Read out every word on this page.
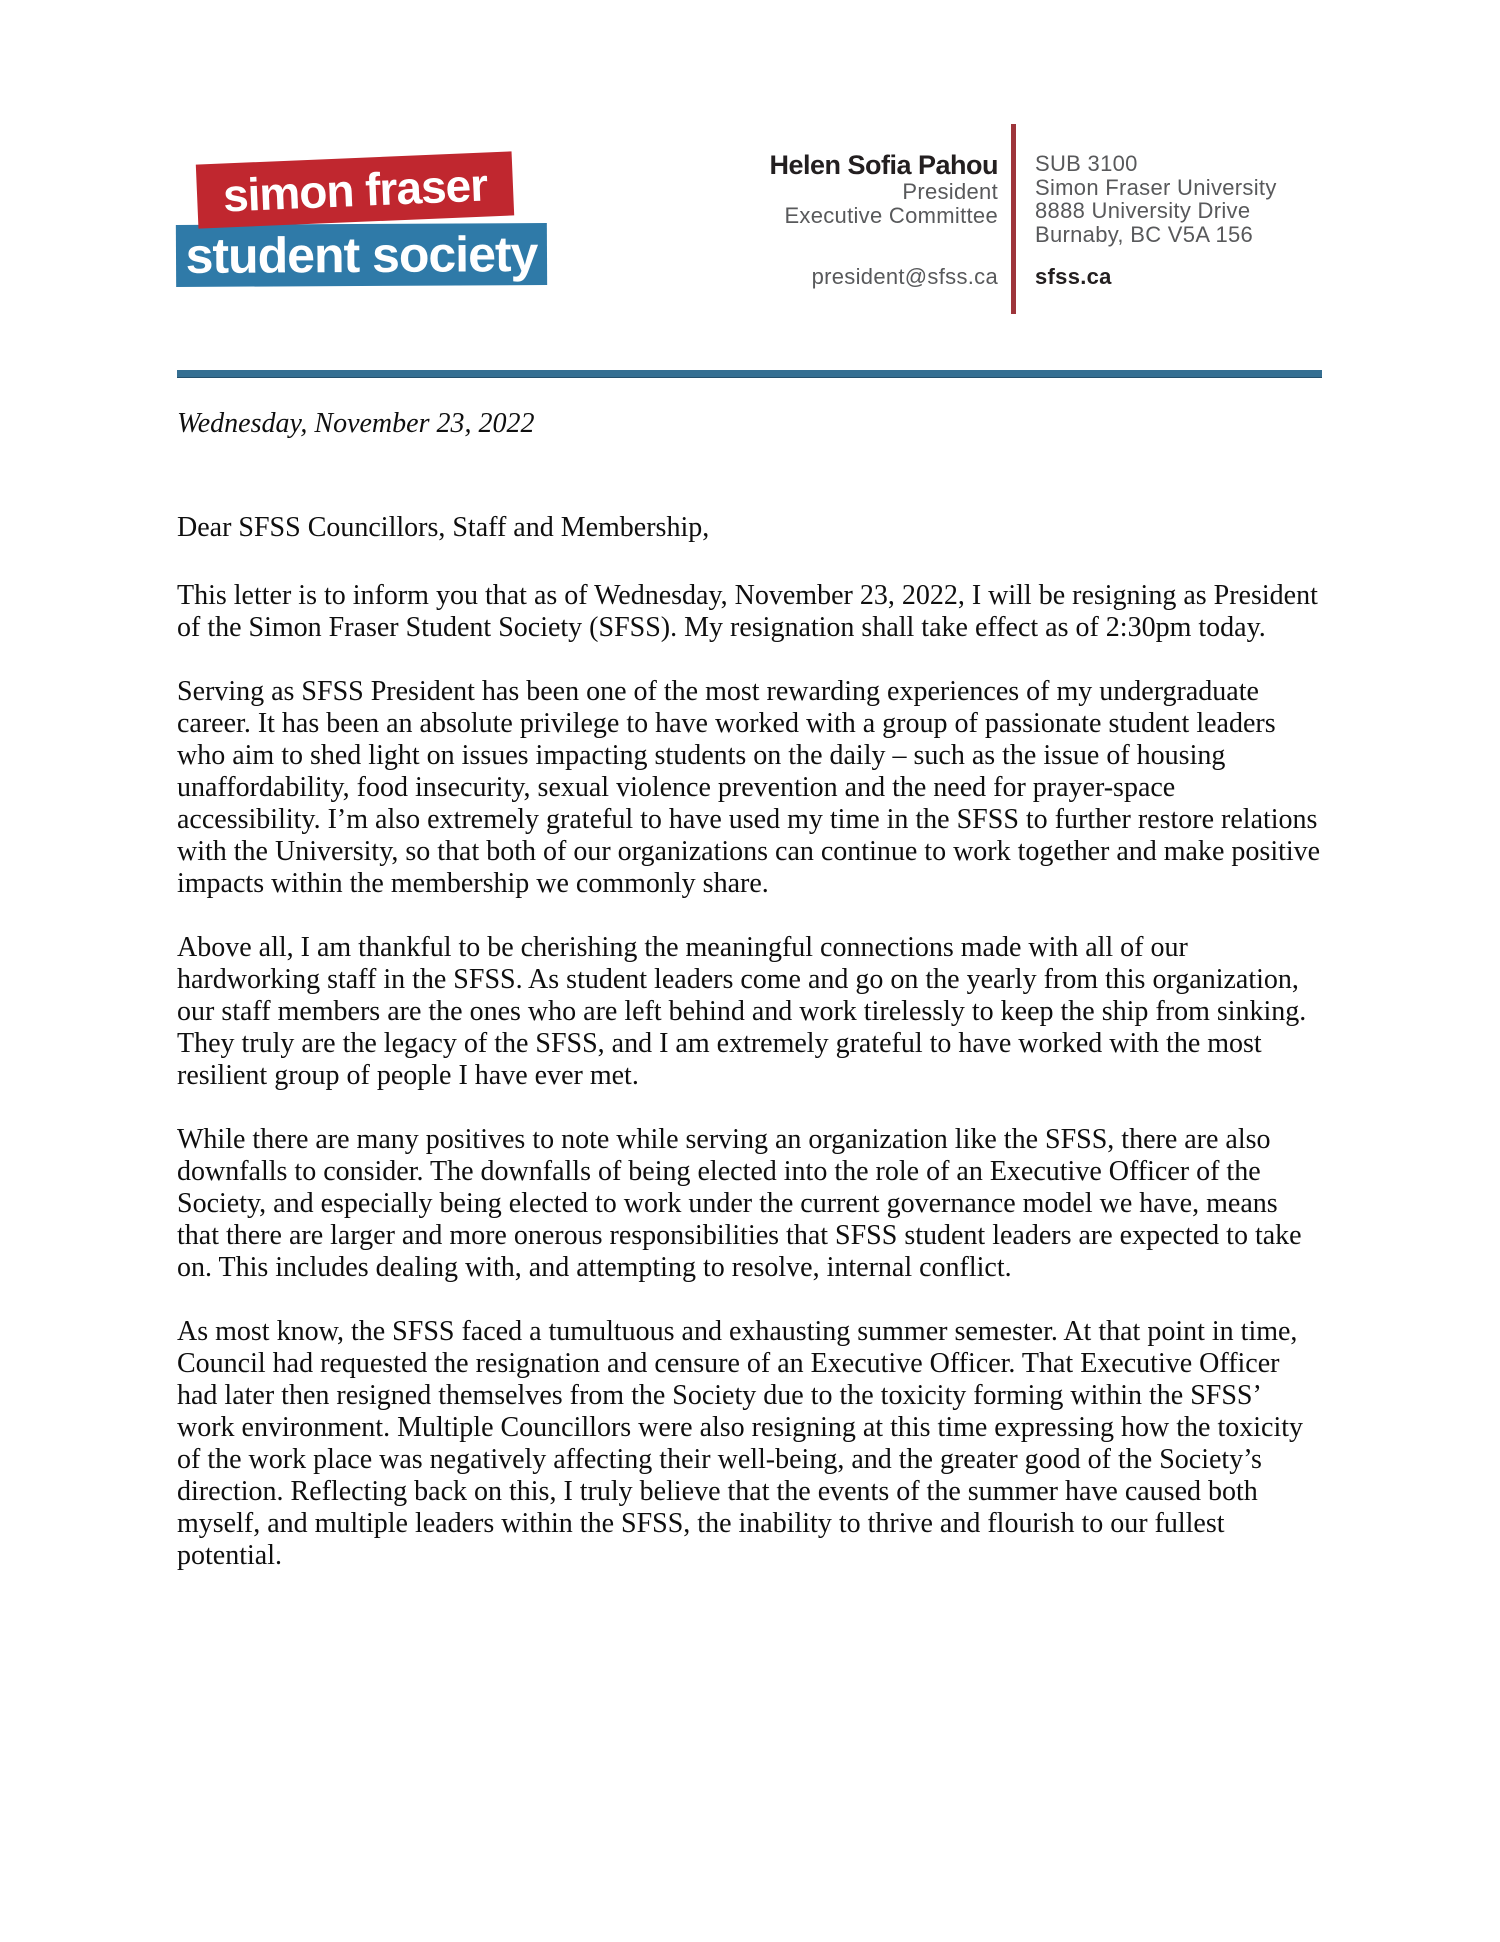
simon fraser
student society
Helen Sofia Pahou
President
Executive Committee
president@sfss.ca
SUB 3100
Simon Fraser University
8888 University Drive
Burnaby, BC V5A 156
sfss.ca

Wednesday, November 23, 2022

Dear SFSS Councillors, Staff and Membership,

This letter is to inform you that as of Wednesday, November 23, 2022, I will be resigning as President of the Simon Fraser Student Society (SFSS). My resignation shall take effect as of 2:30pm today.

Serving as SFSS President has been one of the most rewarding experiences of my undergraduate career. It has been an absolute privilege to have worked with a group of passionate student leaders who aim to shed light on issues impacting students on the daily – such as the issue of housing unaffordability, food insecurity, sexual violence prevention and the need for prayer-space accessibility. I’m also extremely grateful to have used my time in the SFSS to further restore relations with the University, so that both of our organizations can continue to work together and make positive impacts within the membership we commonly share.

Above all, I am thankful to be cherishing the meaningful connections made with all of our hardworking staff in the SFSS. As student leaders come and go on the yearly from this organization, our staff members are the ones who are left behind and work tirelessly to keep the ship from sinking. They truly are the legacy of the SFSS, and I am extremely grateful to have worked with the most resilient group of people I have ever met.

While there are many positives to note while serving an organization like the SFSS, there are also downfalls to consider. The downfalls of being elected into the role of an Executive Officer of the Society, and especially being elected to work under the current governance model we have, means that there are larger and more onerous responsibilities that SFSS student leaders are expected to take on. This includes dealing with, and attempting to resolve, internal conflict.

As most know, the SFSS faced a tumultuous and exhausting summer semester. At that point in time, Council had requested the resignation and censure of an Executive Officer. That Executive Officer had later then resigned themselves from the Society due to the toxicity forming within the SFSS’ work environment. Multiple Councillors were also resigning at this time expressing how the toxicity of the work place was negatively affecting their well-being, and the greater good of the Society’s direction. Reflecting back on this, I truly believe that the events of the summer have caused both myself, and multiple leaders within the SFSS, the inability to thrive and flourish to our fullest potential.
